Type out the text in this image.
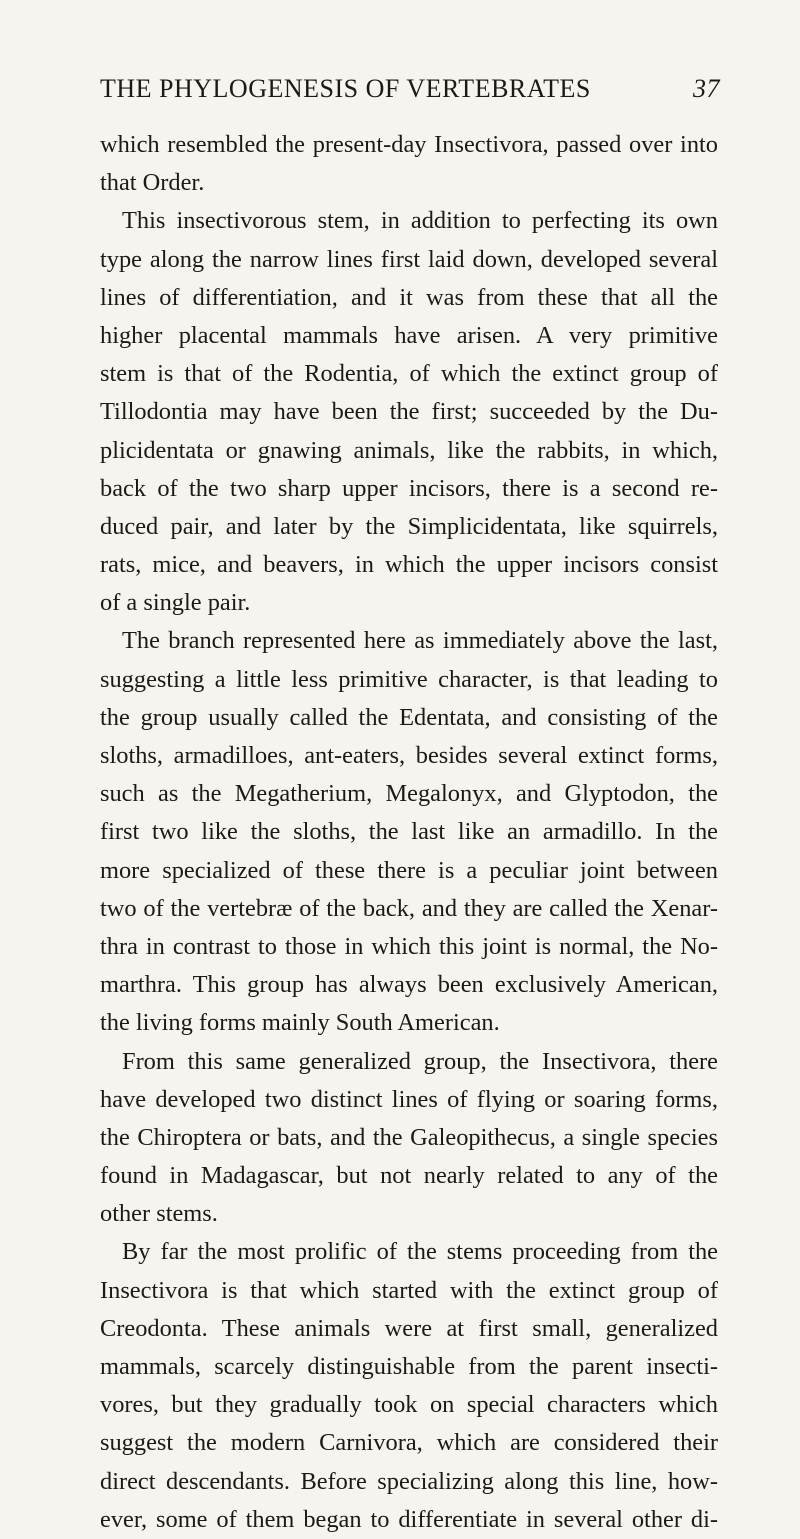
THE PHYLOGENESIS OF VERTEBRATES	37
which resembled the present-day Insectivora, passed over into
that Order.
This insectivorous stem, in addition to perfecting its own
type along the narrow lines first laid down, developed several
lines of differentiation, and it was from these that all the
higher placental mammals have arisen. A very primitive
stem is that of the Rodentia, of which the extinct group of
Tillodontia may have been the first; succeeded by the Du-
plicidentata or gnawing animals, like the rabbits, in which,
back of the two sharp upper incisors, there is a second re-
duced pair, and later by the Simplicidentata, like squirrels,
rats, mice, and beavers, in which the upper incisors consist
of a single pair.
The branch represented here as immediately above the last,
suggesting a little less primitive character, is that leading to
the group usually called the Edentata, and consisting of the
sloths, armadilloes, ant-eaters, besides several extinct forms,
such as the Megatherium, Megalonyx, and Glyptodon, the
first two like the sloths, the last like an armadillo. In the
more specialized of these there is a peculiar joint between
two of the vertebræ of the back, and they are called the Xenar-
thra in contrast to those in which this joint is normal, the No-
marthra. This group has always been exclusively American,
the living forms mainly South American.
From this same generalized group, the Insectivora, there
have developed two distinct lines of flying or soaring forms,
the Chiroptera or bats, and the Galeopithecus, a single species
found in Madagascar, but not nearly related to any of the
other stems.
By far the most prolific of the stems proceeding from the
Insectivora is that which started with the extinct group of
Creodonta. These animals were at first small, generalized
mammals, scarcely distinguishable from the parent insecti-
vores, but they gradually took on special characters which
suggest the modern Carnivora, which are considered their
direct descendants. Before specializing along this line, how-
ever, some of them began to differentiate in several other di-
